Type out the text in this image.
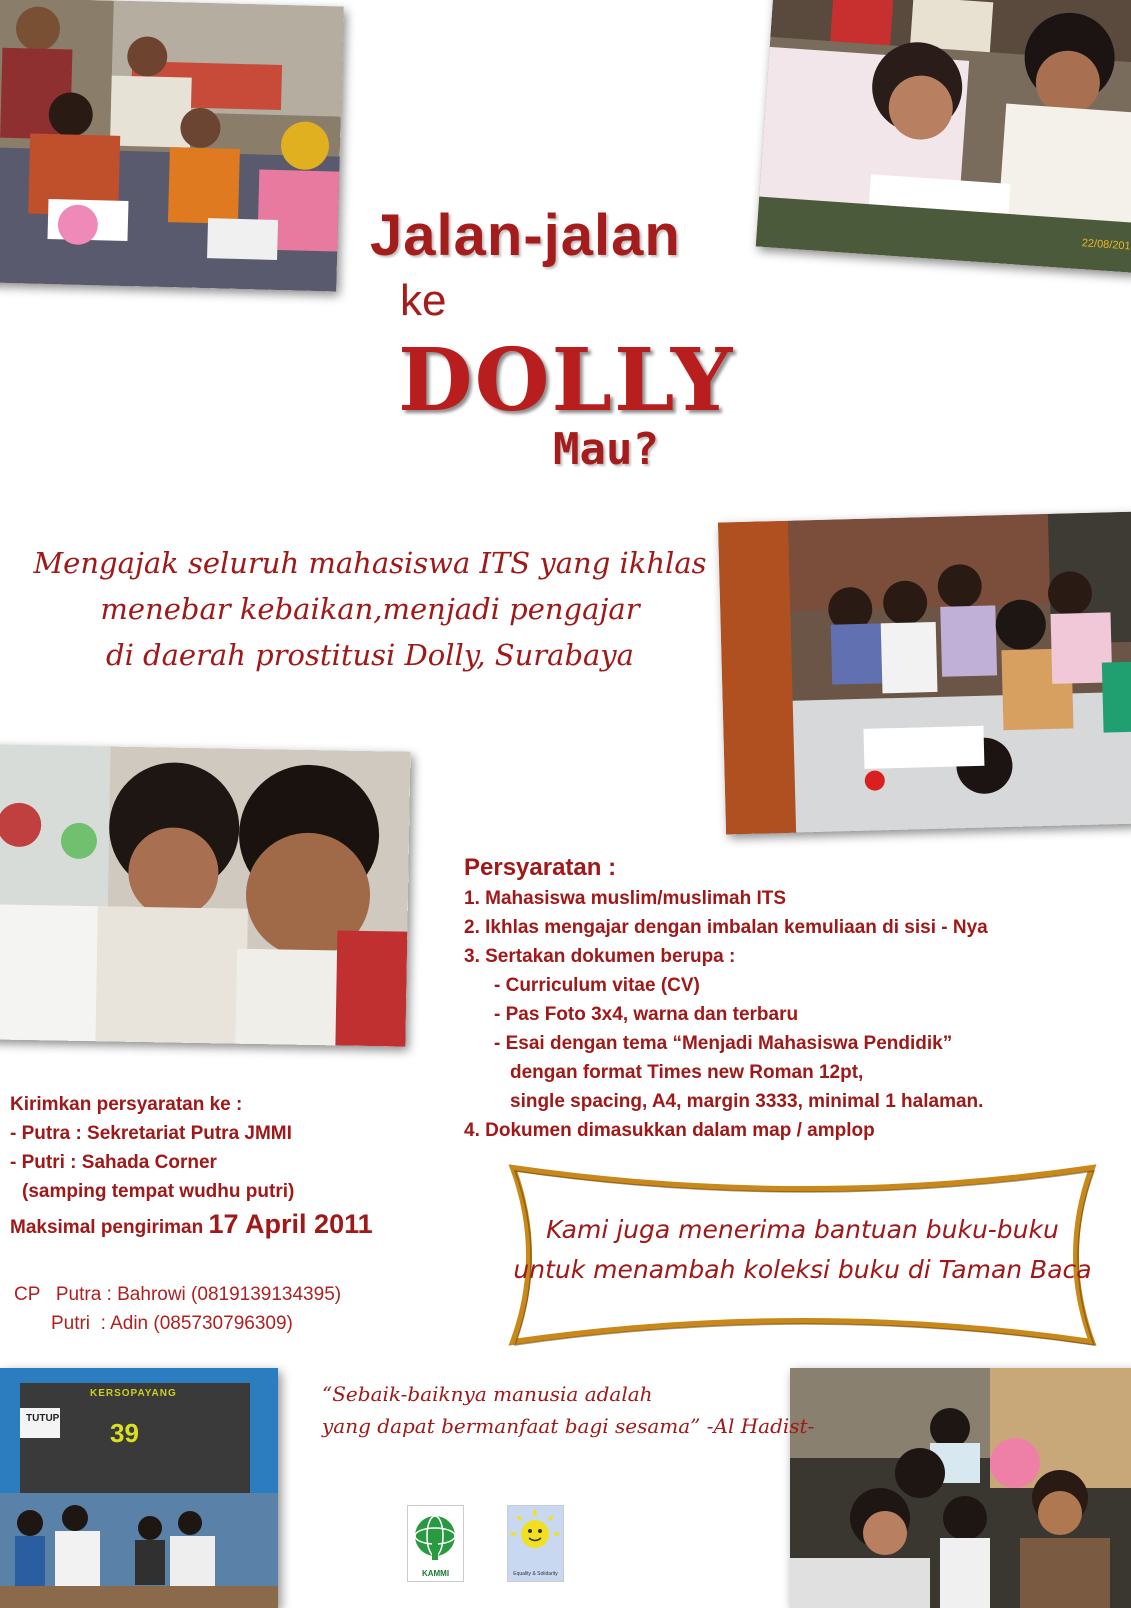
22/08/201
TUTUP 39
KERSOPAYANG
Jalan-jalan
ke
DOLLY
Mau?
Mengajak seluruh mahasiswa ITS yang ikhlas
menebar kebaikan,menjadi pengajar
di daerah prostitusi Dolly, Surabaya
Persyaratan :
1. Mahasiswa muslim/muslimah ITS
2. Ikhlas mengajar dengan imbalan kemuliaan di sisi - Nya
3. Sertakan dokumen berupa :
- Curriculum vitae (CV)
- Pas Foto 3x4, warna dan terbaru
- Esai dengan tema “Menjadi Mahasiswa Pendidik”
dengan format Times new Roman 12pt,
single spacing, A4, margin 3333, minimal 1 halaman.
4. Dokumen dimasukkan dalam map / amplop
Kirimkan persyaratan ke :
- Putra : Sekretariat Putra JMMI
- Putri : Sahada Corner
(samping tempat wudhu putri)
Maksimal pengiriman 17 April 2011
CP   Putra : Bahrowi (0819139134395)
Putri  : Adin (085730796309)
Kami juga menerima bantuan buku-buku
untuk menambah koleksi buku di Taman Baca
“Sebaik-baiknya manusia adalah
yang dapat bermanfaat bagi sesama” -Al Hadist-
KAMMI	Equality & Solidarity
